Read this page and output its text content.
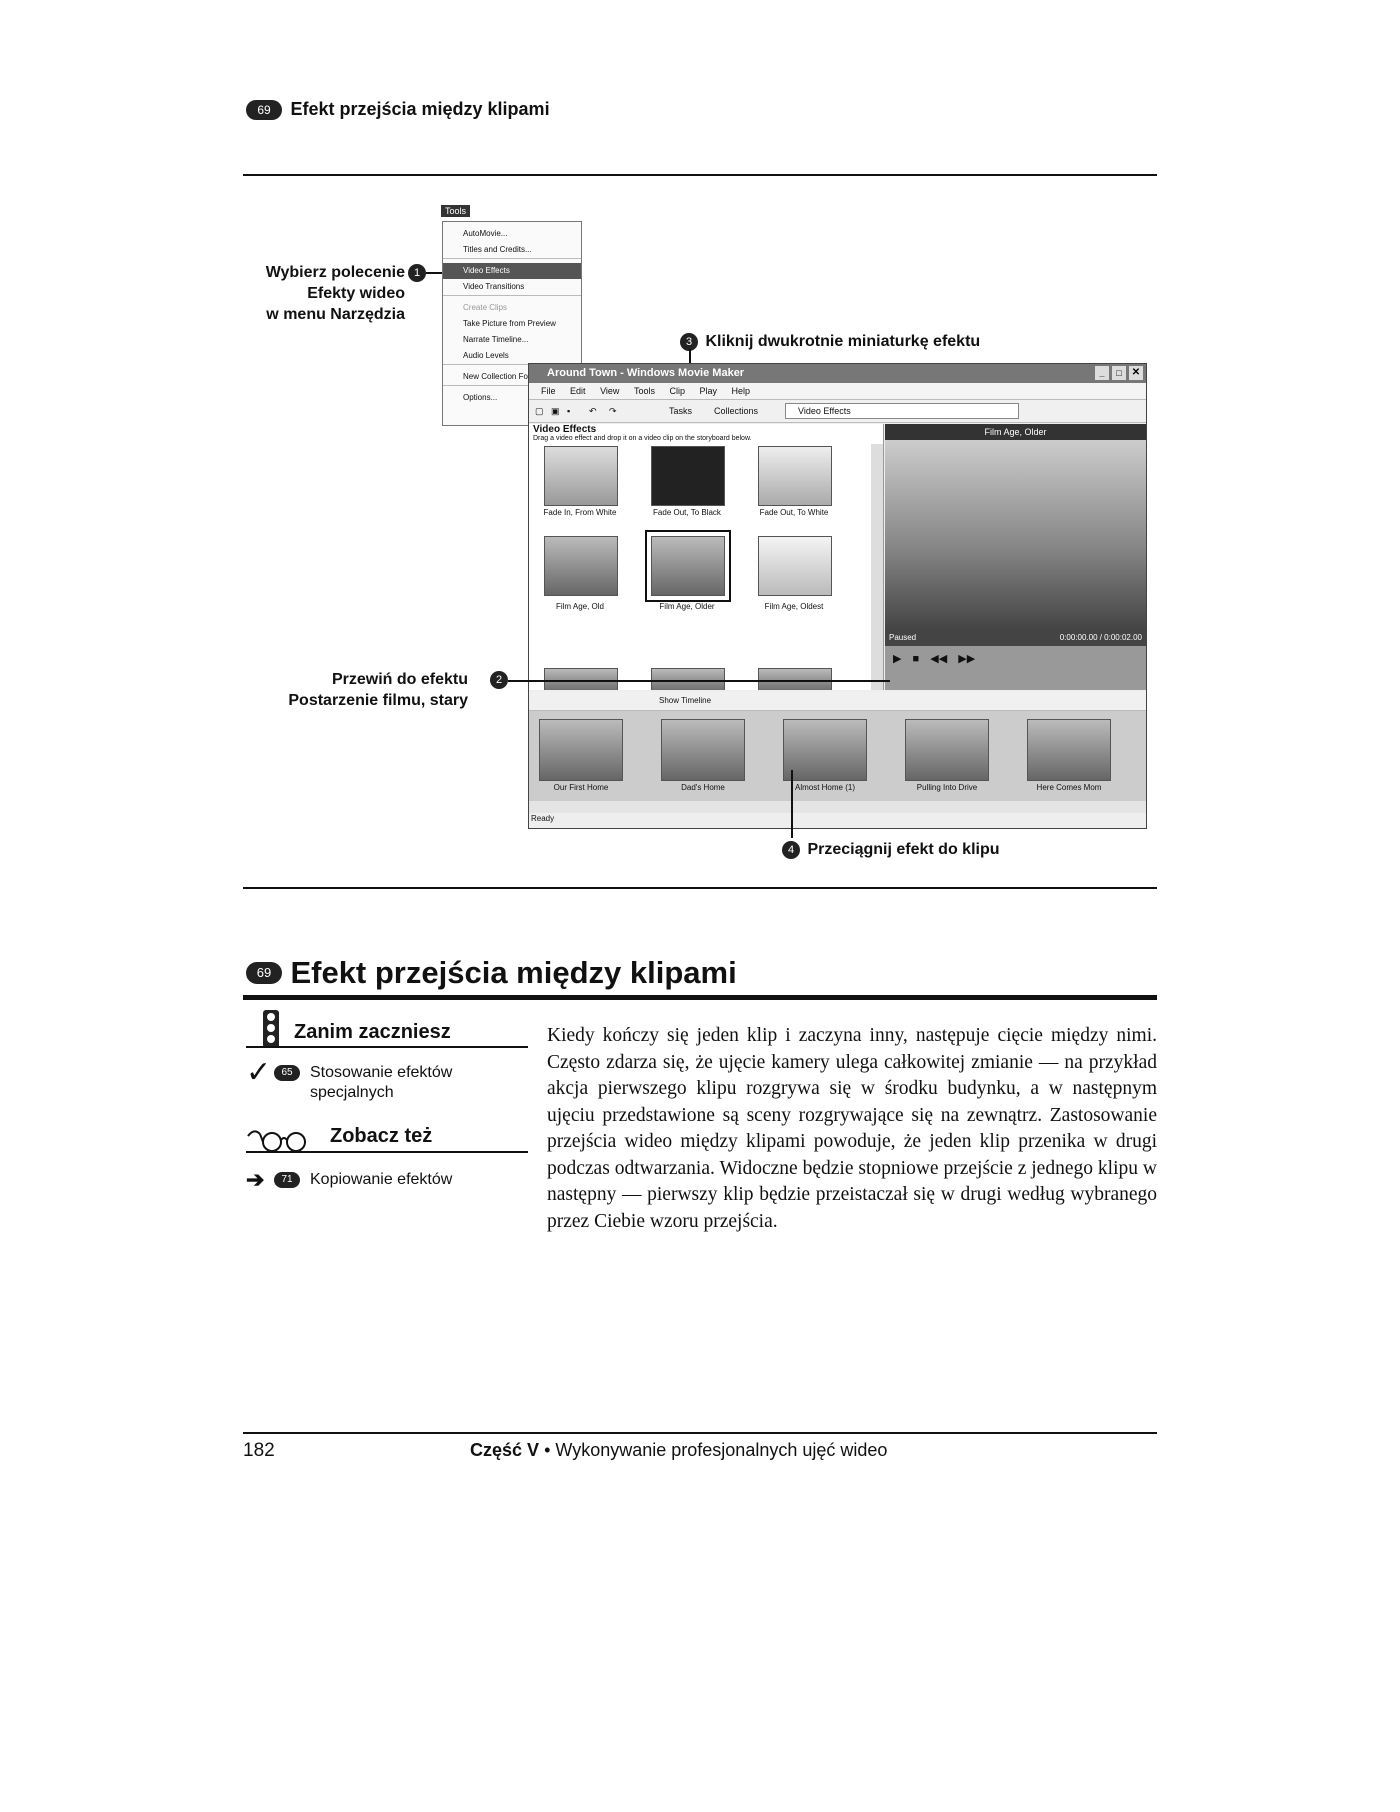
69 Efekt przejścia między klipami
Wybierz polecenie
Efekty wideo
w menu Narzędzia
1
Tools
AutoMovie...
Titles and Credits...
Video Effects
Video Transitions
Create Clips
Take Picture from Preview
Narrate Timeline...
Audio Levels
New Collection Fo
Options...
3 Kliknij dwukrotnie miniaturkę efektu
Around Town - Windows Movie Maker	✕
□
_
File Edit View Tools Clip Play Help
▢ ▣ ▪ ↶ ↷	Tasks Collections	Video Effects
Video Effects
Drag a video effect and drop it on a video clip on the storyboard below.
Fade In, From White	Fade Out, To Black	Fade Out, To White
Film Age, Old	Film Age, Older	Film Age, Oldest
Film Age, Older
Paused	0:00:00.00 / 0:00:02.00
▶ ■ ◀◀ ▶▶
Show Timeline
Our First Home	Dad's Home	Almost Home (1)	Pulling Into Drive	Here Comes Mom
Ready
Przewiń do efektu
Postarzenie filmu, stary
2
4 Przeciągnij efekt do klipu
69 Efekt przejścia między klipami
Zanim zaczniesz
✓	65	Stosowanie efektów specjalnych
Zobacz też
➔	71	Kopiowanie efektów
Kiedy kończy się jeden klip i zaczyna inny, następuje cięcie między nimi. Często zdarza się, że ujęcie kamery ulega całkowitej zmianie — na przykład akcja pierwszego klipu rozgrywa się w środku budynku, a w następnym ujęciu przedstawione są sceny rozgrywające się na zewnątrz. Zastosowanie przejścia wideo między klipami powoduje, że jeden klip przenika w drugi podczas odtwarzania. Widoczne będzie stopniowe przejście z jednego klipu w następny — pierwszy klip będzie przeistaczał się w drugi według wybranego przez Ciebie wzoru przejścia.
182	Część V • Wykonywanie profesjonalnych ujęć wideo
